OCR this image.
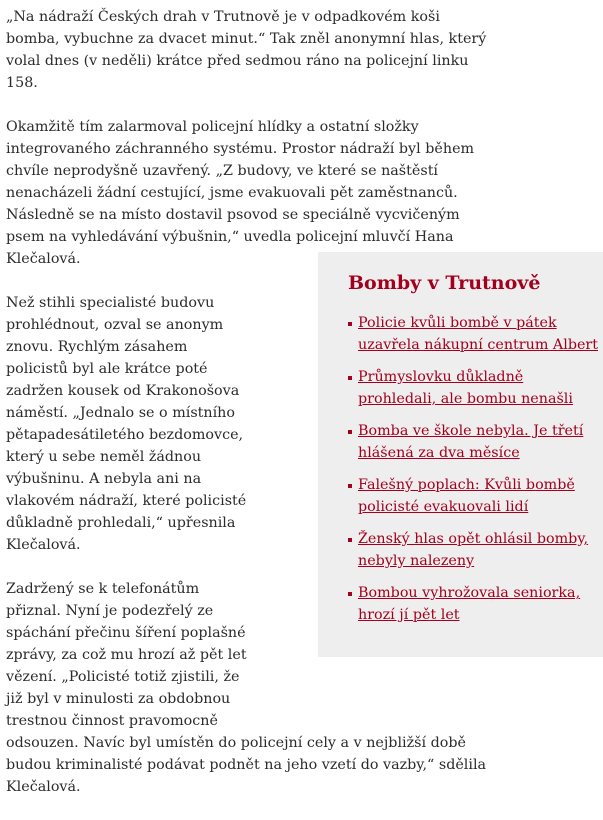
„Na nádraží Českých drah v Trutnově je v odpadkovém koši bomba, vybuchne za dvacet minut.“ Tak zněl anonymní hlas, který volal dnes (v neděli) krátce před sedmou ráno na policejní linku 158.

Okamžitě tím zalarmoval policejní hlídky a ostatní složky integrovaného záchranného systému. Prostor nádraží byl během chvíle neprodyšně uzavřený. „Z budovy, ve které se naštěstí nenacházeli žádní cestující, jsme evakuovali pět zaměstnanců. Následně se na místo dostavil psovod se speciálně vycvičeným psem na vyhledávání výbušnin,“ uvedla policejní mluvčí Hana Klečalová.

Než stihli specialisté budovu prohlédnout, ozval se anonym znovu. Rychlým zásahem policistů byl ale krátce poté zadržen kousek od Krakonošova náměstí. „Jednalo se o místního pětapadesátiletého bezdomovce, který u sebe neměl žádnou výbušninu. A nebyla ani na vlakovém nádraží, které policisté důkladně prohledali,“ upřesnila Klečalová.

Zadržený se k telefonátům přiznal. Nyní je podezřelý ze spáchání přečinu šíření poplašné zprávy, za což mu hrozí až pět let vězení. „Policisté totiž zjistili, že již byl v minulosti za obdobnou trestnou činnost pravomocně odsouzen. Navíc byl umístěn do policejní cely a v nejbližší době budou kriminalisté podávat podnět na jeho vzetí do vazby,“ sdělila Klečalová.

Bomby v Trutnově
Policie kvůli bombě v pátek uzavřela nákupní centrum Albert
Průmyslovku důkladně prohledali, ale bombu nenašli
Bomba ve škole nebyla. Je třetí hlášená za dva měsíce
Falešný poplach: Kvůli bombě policisté evakuovali lidí
Ženský hlas opět ohlásil bomby, nebyly nalezeny
Bombou vyhrožovala seniorka, hrozí jí pět let
